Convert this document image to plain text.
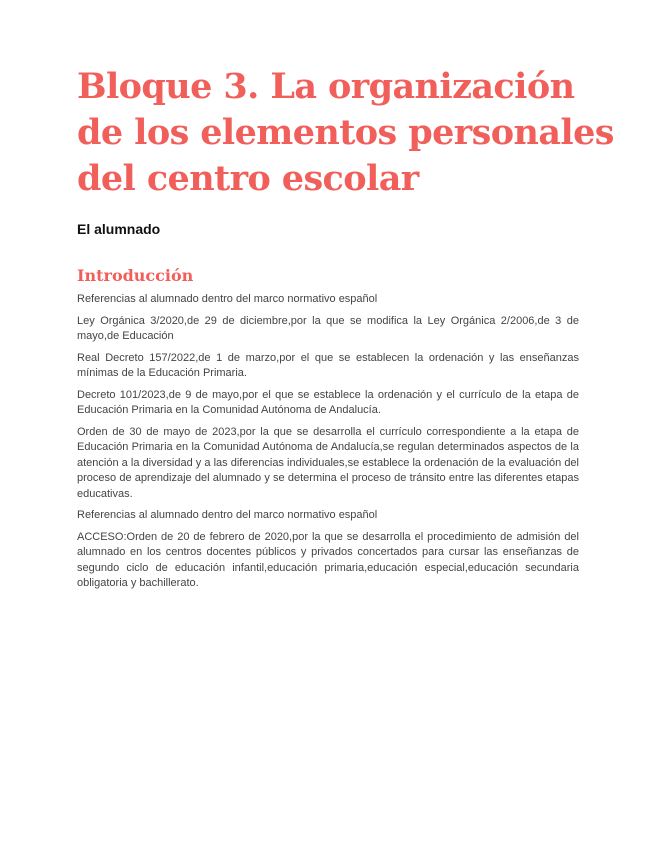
Bloque 3. La organización
de los elementos personales
del centro escolar

El alumnado

Introducción

Referencias al alumnado dentro del marco normativo español

Ley Orgánica 3/2020,de 29 de diciembre,por la que se modifica la Ley Orgánica 2/2006,de 3 de mayo,de Educación

Real Decreto 157/2022,de 1 de marzo,por el que se establecen la ordenación y las enseñanzas mínimas de la Educación Primaria.

Decreto 101/2023,de 9 de mayo,por el que se establece la ordenación y el currículo de la etapa de Educación Primaria en la Comunidad Autónoma de Andalucía.

Orden de 30 de mayo de 2023,por la que se desarrolla el currículo correspondiente a la etapa de Educación Primaria en la Comunidad Autónoma de Andalucía,se regulan determinados aspectos de la atención a la diversidad y a las diferencias individuales,se establece la ordenación de la evaluación del proceso de aprendizaje del alumnado y se determina el proceso de tránsito entre las diferentes etapas educativas.

Referencias al alumnado dentro del marco normativo español

ACCESO:Orden de 20 de febrero de 2020,por la que se desarrolla el procedimiento de admisión del alumnado en los centros docentes públicos y privados concertados para cursar las enseñanzas de segundo ciclo de educación infantil,educación primaria,educación especial,educación secundaria obligatoria y bachillerato.
